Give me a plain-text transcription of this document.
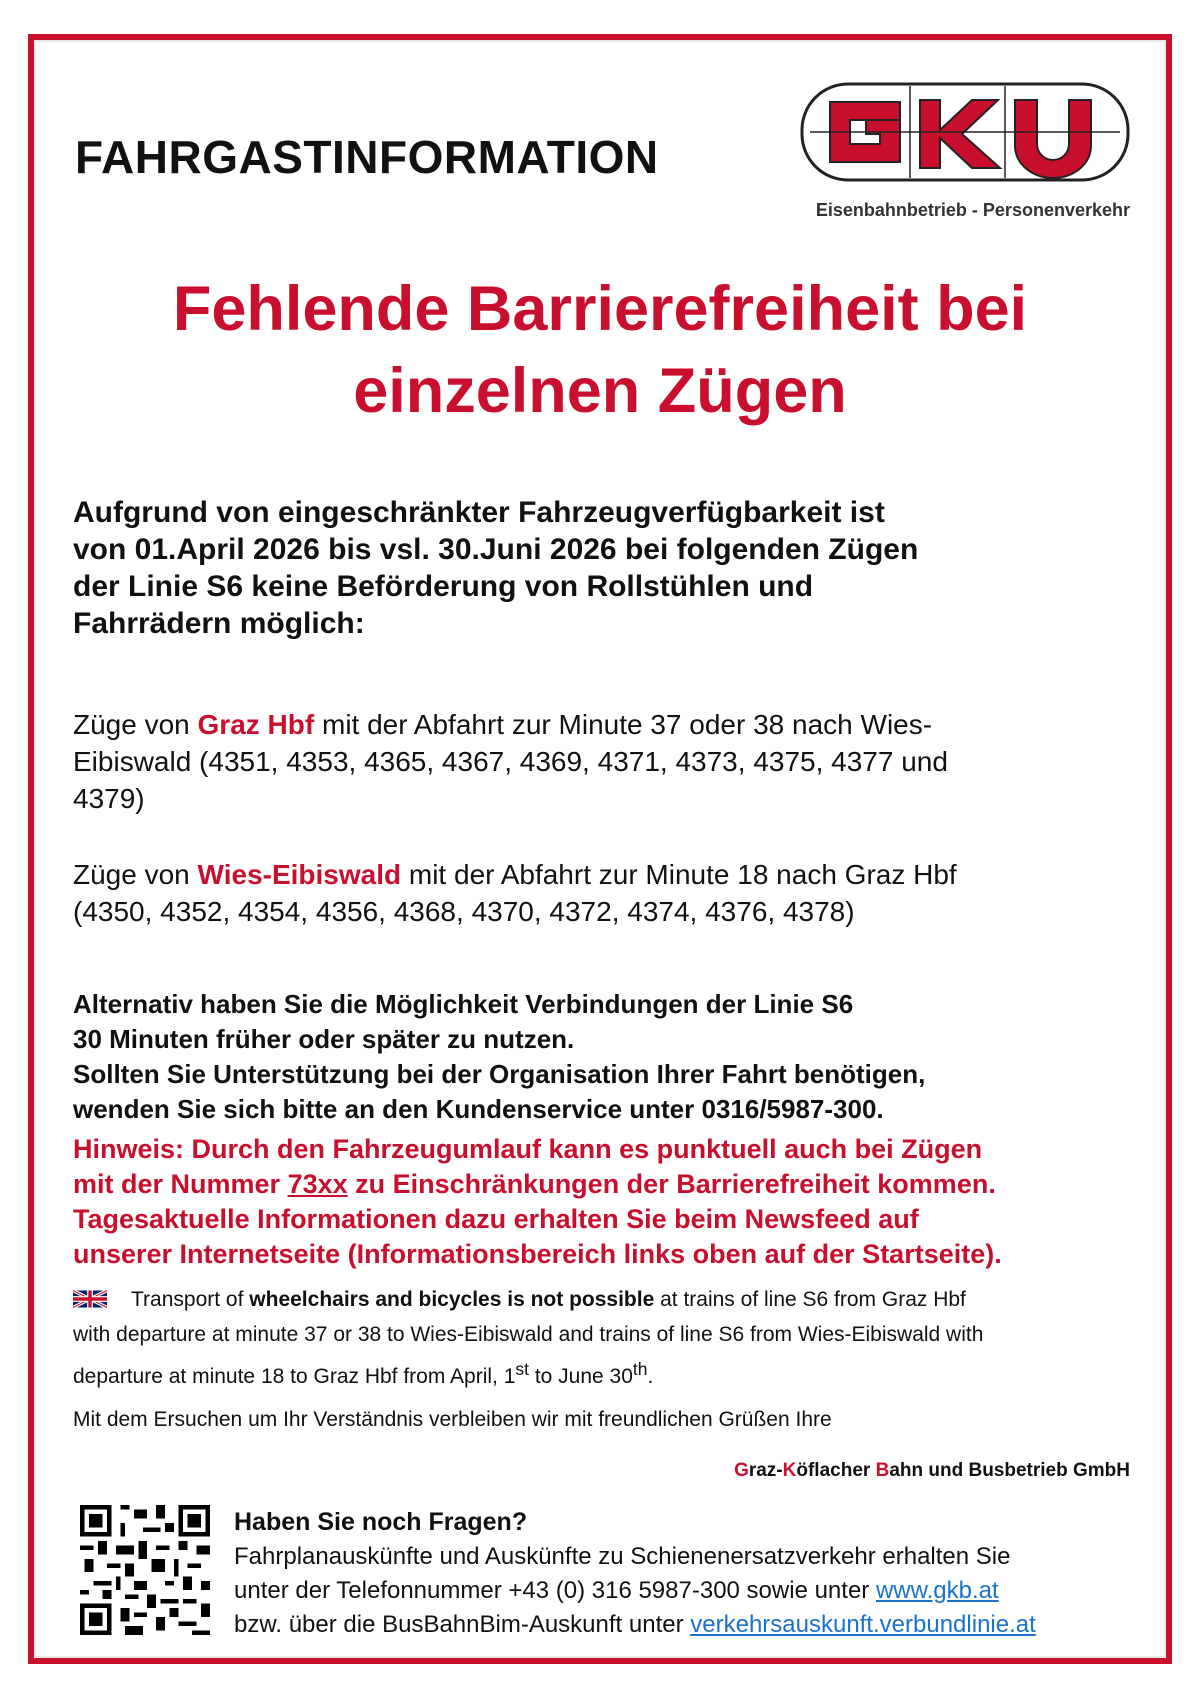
FAHRGASTINFORMATION
Eisenbahnbetrieb - Personenverkehr
Fehlende Barrierefreiheit bei
einzelnen Zügen
Aufgrund von eingeschränkter Fahrzeugverfügbarkeit ist
von 01.April 2026 bis vsl. 30.Juni 2026 bei folgenden Zügen
der Linie S6 keine Beförderung von Rollstühlen und
Fahrrädern möglich:
Züge von Graz Hbf mit der Abfahrt zur Minute 37 oder 38 nach Wies-
Eibiswald (4351, 4353, 4365, 4367, 4369, 4371, 4373, 4375, 4377 und
4379)
Züge von Wies-Eibiswald mit der Abfahrt zur Minute 18 nach Graz Hbf
(4350, 4352, 4354, 4356, 4368, 4370, 4372, 4374, 4376, 4378)
Alternativ haben Sie die Möglichkeit Verbindungen der Linie S6
30 Minuten früher oder später zu nutzen.
Sollten Sie Unterstützung bei der Organisation Ihrer Fahrt benötigen,
wenden Sie sich bitte an den Kundenservice unter 0316/5987-300.
Hinweis: Durch den Fahrzeugumlauf kann es punktuell auch bei Zügen
mit der Nummer 73xx zu Einschränkungen der Barrierefreiheit kommen.
Tagesaktuelle Informationen dazu erhalten Sie beim Newsfeed auf
unserer Internetseite (Informationsbereich links oben auf der Startseite).
Transport of wheelchairs and bicycles is not possible at trains of line S6 from Graz Hbf
with departure at minute 37 or 38 to Wies-Eibiswald and trains of line S6 from Wies-Eibiswald with
departure at minute 18 to Graz Hbf from April, 1st to June 30th.
Mit dem Ersuchen um Ihr Verständnis verbleiben wir mit freundlichen Grüßen Ihre
Graz-Köflacher Bahn und Busbetrieb GmbH
Haben Sie noch Fragen?
Fahrplanauskünfte und Auskünfte zu Schienenersatzverkehr erhalten Sie
unter der Telefonnummer +43 (0) 316 5987-300 sowie unter www.gkb.at
bzw. über die BusBahnBim-Auskunft unter verkehrsauskunft.verbundlinie.at
